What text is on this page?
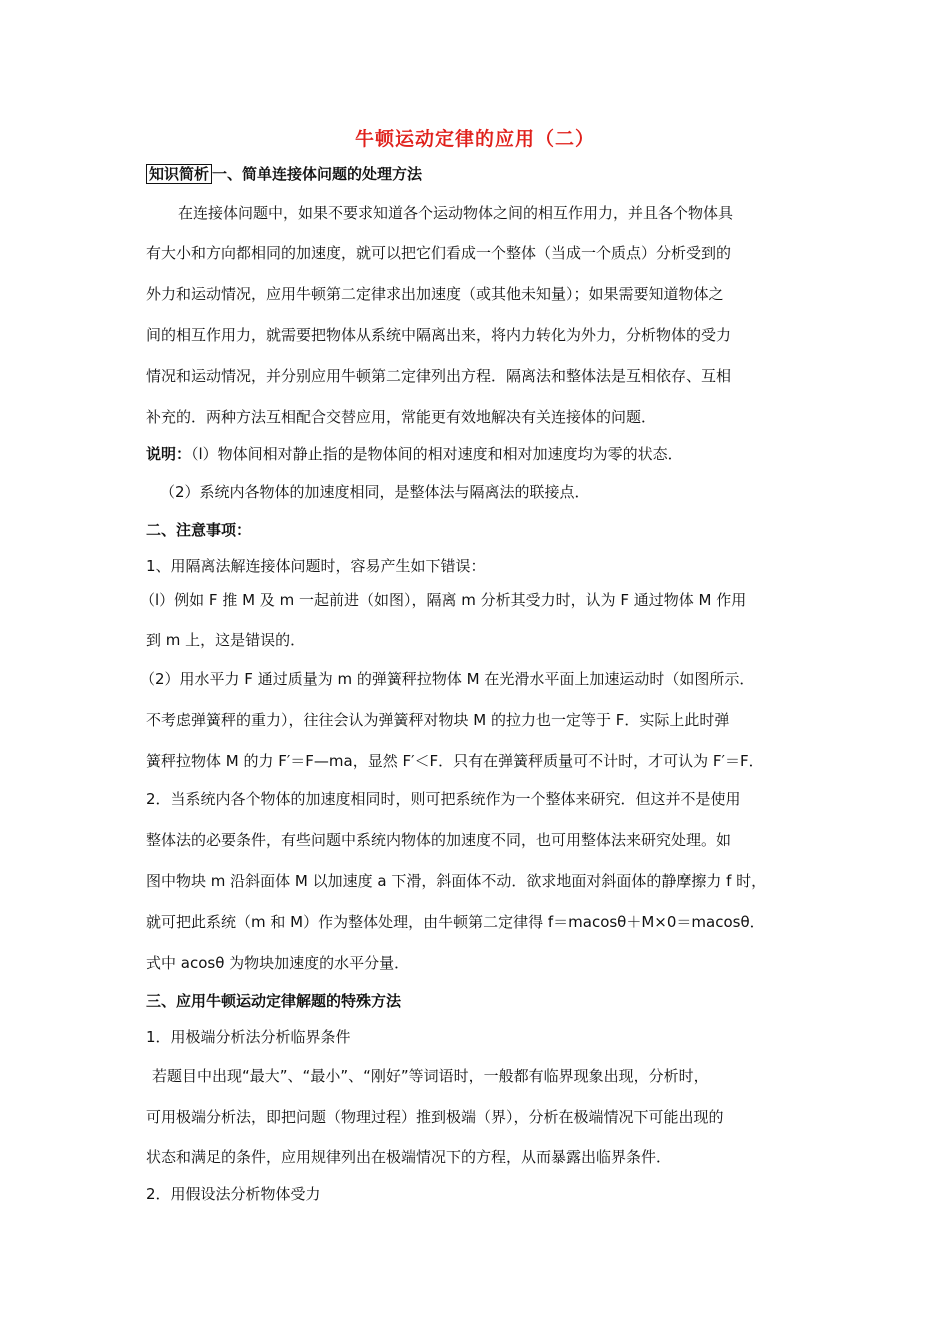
牛顿运动定律的应用（二）
知识简析 一、简单连接体问题的处理方法
在连接体问题中，如果不要求知道各个运动物体之间的相互作用力，并且各个物体具
有大小和方向都相同的加速度，就可以把它们看成一个整体（当成一个质点）分析受到的
外力和运动情况，应用牛顿第二定律求出加速度（或其他未知量）；如果需要知道物体之
间的相互作用力，就需要把物体从系统中隔离出来，将内力转化为外力，分析物体的受力
情况和运动情况，并分别应用牛顿第二定律列出方程．隔离法和整体法是互相依存、互相
补充的．两种方法互相配合交替应用，常能更有效地解决有关连接体的问题．
说明：（l）物体间相对静止指的是物体间的相对速度和相对加速度均为零的状态．
（2）系统内各物体的加速度相同，是整体法与隔离法的联接点．
二、注意事项：
1、用隔离法解连接体问题时，容易产生如下错误：
（l）例如 F 推 M 及 m 一起前进（如图），隔离 m 分析其受力时，认为 F 通过物体 M 作用
到 m 上，这是错误的．
（2）用水平力 F 通过质量为 m 的弹簧秤拉物体 M 在光滑水平面上加速运动时（如图所示．
不考虑弹簧秤的重力），往往会认为弹簧秤对物块 M 的拉力也一定等于 F．实际上此时弹
簧秤拉物体 M 的力 F′＝F—ma，显然 F′＜F．只有在弹簧秤质量可不计时，才可认为 F′＝F．
2．当系统内各个物体的加速度相同时，则可把系统作为一个整体来研究．但这并不是使用
整体法的必要条件，有些问题中系统内物体的加速度不同，也可用整体法来研究处理。如
图中物块 m 沿斜面体 M 以加速度 a 下滑，斜面体不动．欲求地面对斜面体的静摩擦力 f 时，
就可把此系统（m 和 M）作为整体处理，由牛顿第二定律得 f＝macosθ＋M×0＝macosθ．
式中 acosθ 为物块加速度的水平分量．
三、应用牛顿运动定律解题的特殊方法
1．用极端分析法分析临界条件
若题目中出现“最大”、“最小”、“刚好”等词语时，一般都有临界现象出现，分析时，
可用极端分析法，即把问题（物理过程）推到极端（界），分析在极端情况下可能出现的
状态和满足的条件，应用规律列出在极端情况下的方程，从而暴露出临界条件．
2．用假设法分析物体受力
